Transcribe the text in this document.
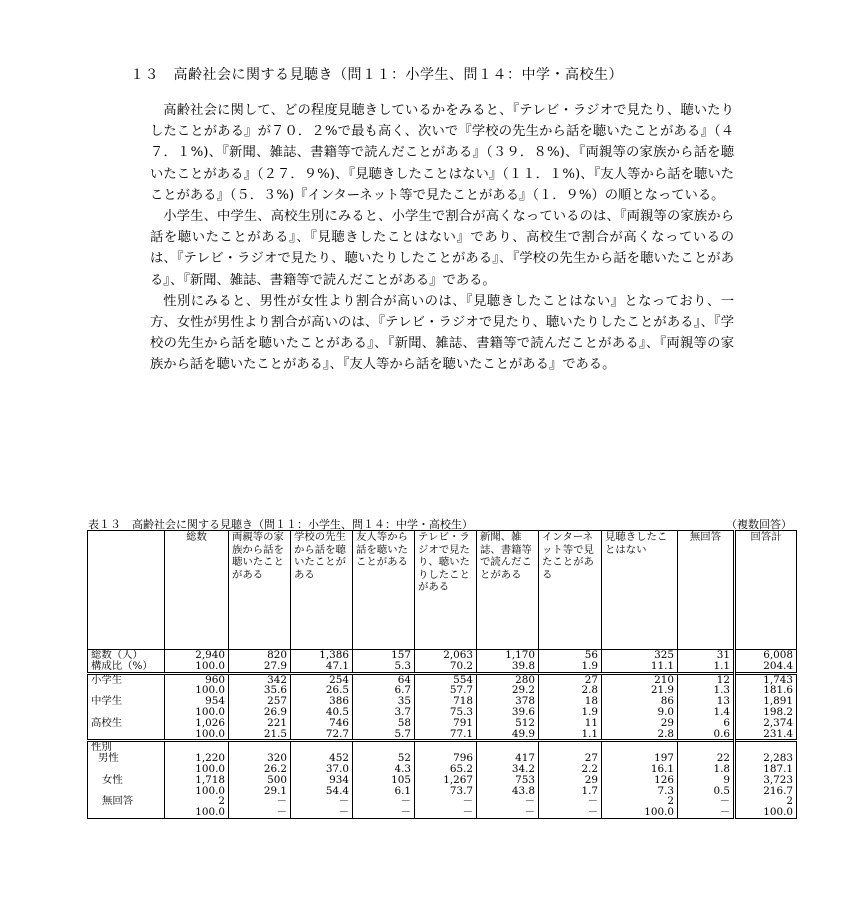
１３　高齢社会に関する見聴き（問１１：小学生、問１４：中学・高校生）

高齢社会に関して、どの程度見聴きしているかをみると、『テレビ・ラジオで見たり、聴いたりしたことがある』が７０．２%で最も高く、次いで『学校の先生から話を聴いたことがある』（４７．１%)、『新聞、雑誌、書籍等で読んだことがある』（３９．８%)、『両親等の家族から話を聴いたことがある』（２７．９%)、『見聴きしたことはない』（１１．１%)、『友人等から話を聴いたことがある』（５．３%)『インターネット等で見たことがある』（１．９%）の順となっている。

小学生、中学生、高校生別にみると、小学生で割合が高くなっているのは、『両親等の家族から話を聴いたことがある』、『見聴きしたことはない』であり、高校生で割合が高くなっているのは、『テレビ・ラジオで見たり、聴いたりしたことがある』、『学校の先生から話を聴いたことがある』、『新聞、雑誌、書籍等で読んだことがある』である。

性別にみると、男性が女性より割合が高いのは、『見聴きしたことはない』となっており、一方、女性が男性より割合が高いのは、『テレビ・ラジオで見たり、聴いたりしたことがある』、『学校の先生から話を聴いたことがある』、『新聞、雑誌、書籍等で読んだことがある』、『両親等の家族から話を聴いたことがある』、『友人等から話を聴いたことがある』である。

表１３　高齢社会に関する見聴き（問１１：小学生、問１４：中学・高校生）	（複数回答）
	総数	両親等の家族から話を聴いたことがある	学校の先生から話を聴いたことがある	友人等から話を聴いたことがある	テレビ・ラジオで見たり、聴いたりしたことがある	新聞、雑誌、書籍等で読んだことがある	インターネット等で見たことがある	見聴きしたことはない	無回答	回答計
総数（人）	2,940	820	1,386	157	2,063	1,170	56	325	31	6,008
構成比（%）	100.0	27.9	47.1	5.3	70.2	39.8	1.9	11.1	1.1	204.4
小学生	960	342	254	64	554	280	27	210	12	1,743
	100.0	35.6	26.5	6.7	57.7	29.2	2.8	21.9	1.3	181.6
中学生	954	257	386	35	718	378	18	86	13	1,891
	100.0	26.9	40.5	3.7	75.3	39.6	1.9	9.0	1.4	198.2
高校生	1,026	221	746	58	791	512	11	29	6	2,374
	100.0	21.5	72.7	5.7	77.1	49.9	1.1	2.8	0.6	231.4
性別										
男性	1,220	320	452	52	796	417	27	197	22	2,283
	100.0	26.2	37.0	4.3	65.2	34.2	2.2	16.1	1.8	187.1
女性	1,718	500	934	105	1,267	753	29	126	9	3,723
	100.0	29.1	54.4	6.1	73.7	43.8	1.7	7.3	0.5	216.7
無回答	2	－	－	－	－	－	－	2	－	2
	100.0	－	－	－	－	－	－	100.0	－	100.0
